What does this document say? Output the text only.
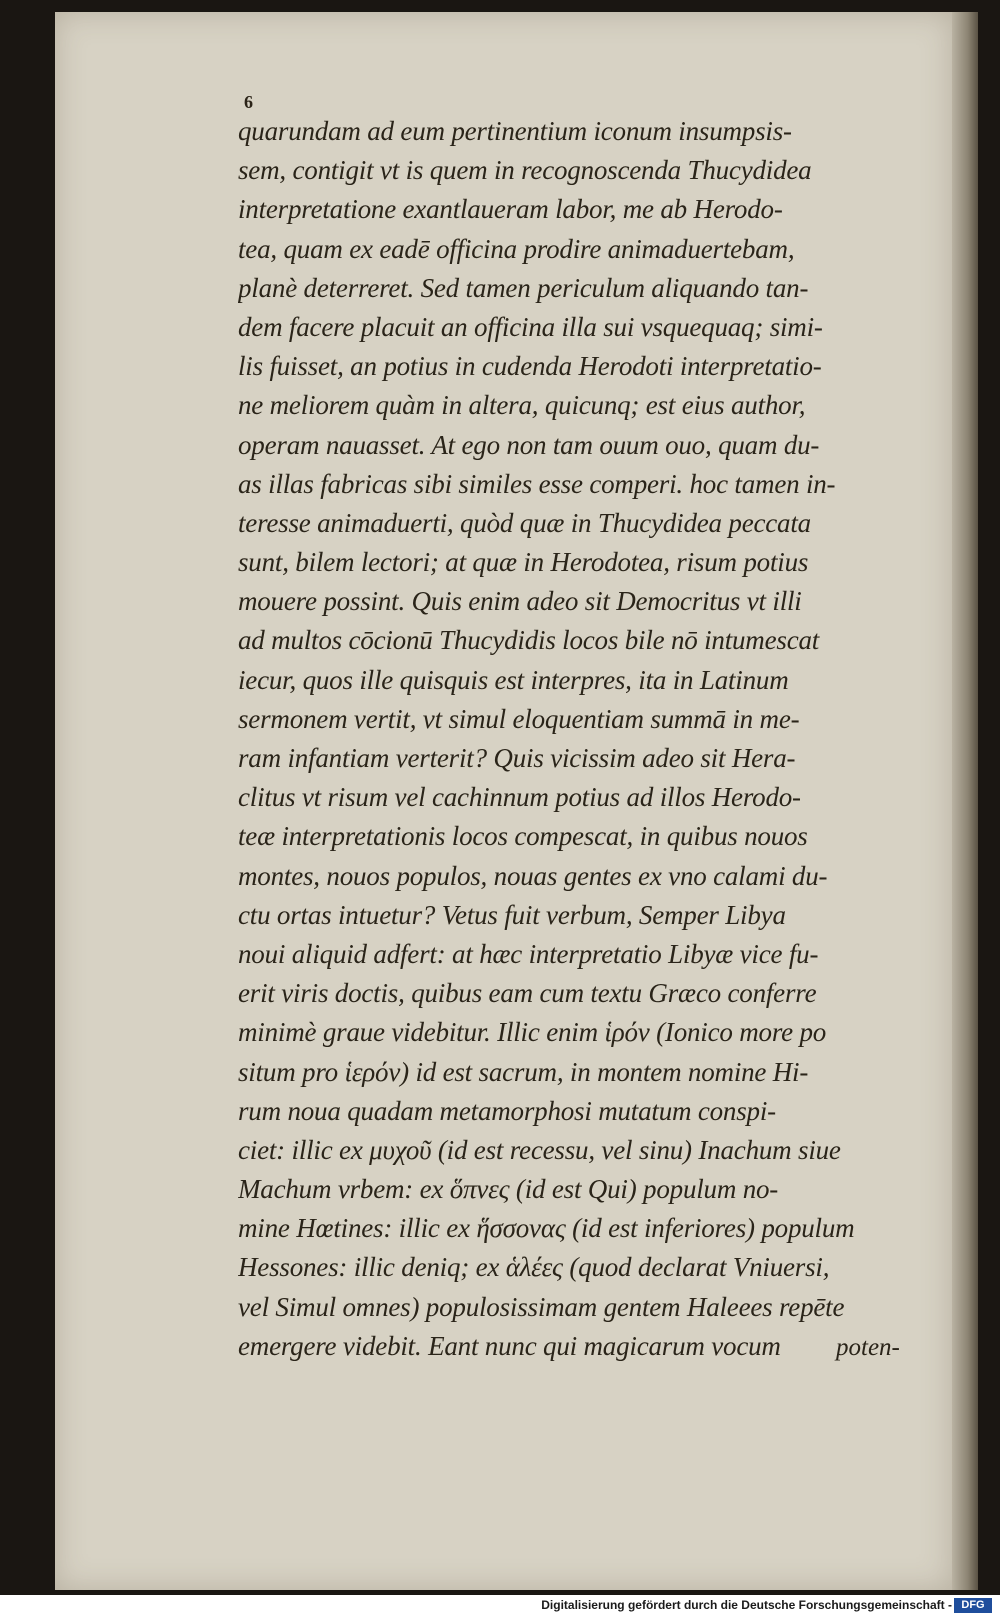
6
quarundam ad eum pertinentium iconum insumpsis-
sem, contigit vt is quem in recognoscenda Thucydidea
interpretatione exantlaueram labor, me ab Herodo-
tea, quam ex eadē officina prodire animaduertebam,
planè deterreret. Sed tamen periculum aliquando tan-
dem facere placuit an officina illa sui vsquequaq; simi-
lis fuisset, an potius in cudenda Herodoti interpretatio-
ne meliorem quàm in altera, quicunq; est eius author,
operam nauasset. At ego non tam ouum ouo, quam du-
as illas fabricas sibi similes esse comperi. hoc tamen in-
teresse animaduerti, quòd quæ in Thucydidea peccata
sunt, bilem lectori; at quæ in Herodotea, risum potius
mouere possint. Quis enim adeo sit Democritus vt illi
ad multos cōcionū Thucydidis locos bile nō intumescat
iecur, quos ille quisquis est interpres, ita in Latinum
sermonem vertit, vt simul eloquentiam summā in me-
ram infantiam verterit? Quis vicissim adeo sit Hera-
clitus vt risum vel cachinnum potius ad illos Herodo-
teæ interpretationis locos compescat, in quibus nouos
montes, nouos populos, nouas gentes ex vno calami du-
ctu ortas intuetur? Vetus fuit verbum, Semper Libya
noui aliquid adfert: at hæc interpretatio Libyæ vice fu-
erit viris doctis, quibus eam cum textu Græco conferre
minimè graue videbitur. Illic enim ἱρόν (Ionico more po
situm pro ἱερόν) id est sacrum, in montem nomine Hi-
rum noua quadam metamorphosi mutatum conspi-
ciet: illic ex μυχοῦ (id est recessu, vel sinu) Inachum siue
Machum vrbem: ex ὅπνες (id est Qui) populum no-
mine Hœtines: illic ex ἥσσονας (id est inferiores) populum
Hessones: illic deniq; ex ἁλέες (quod declarat Vniuersi,
vel Simul omnes) populosissimam gentem Haleees repēte
emergere videbit. Eant nunc qui magicarum vocum	poten-
Digitalisierung gefördert durch die Deutsche Forschungsgemeinschaft - DFG
